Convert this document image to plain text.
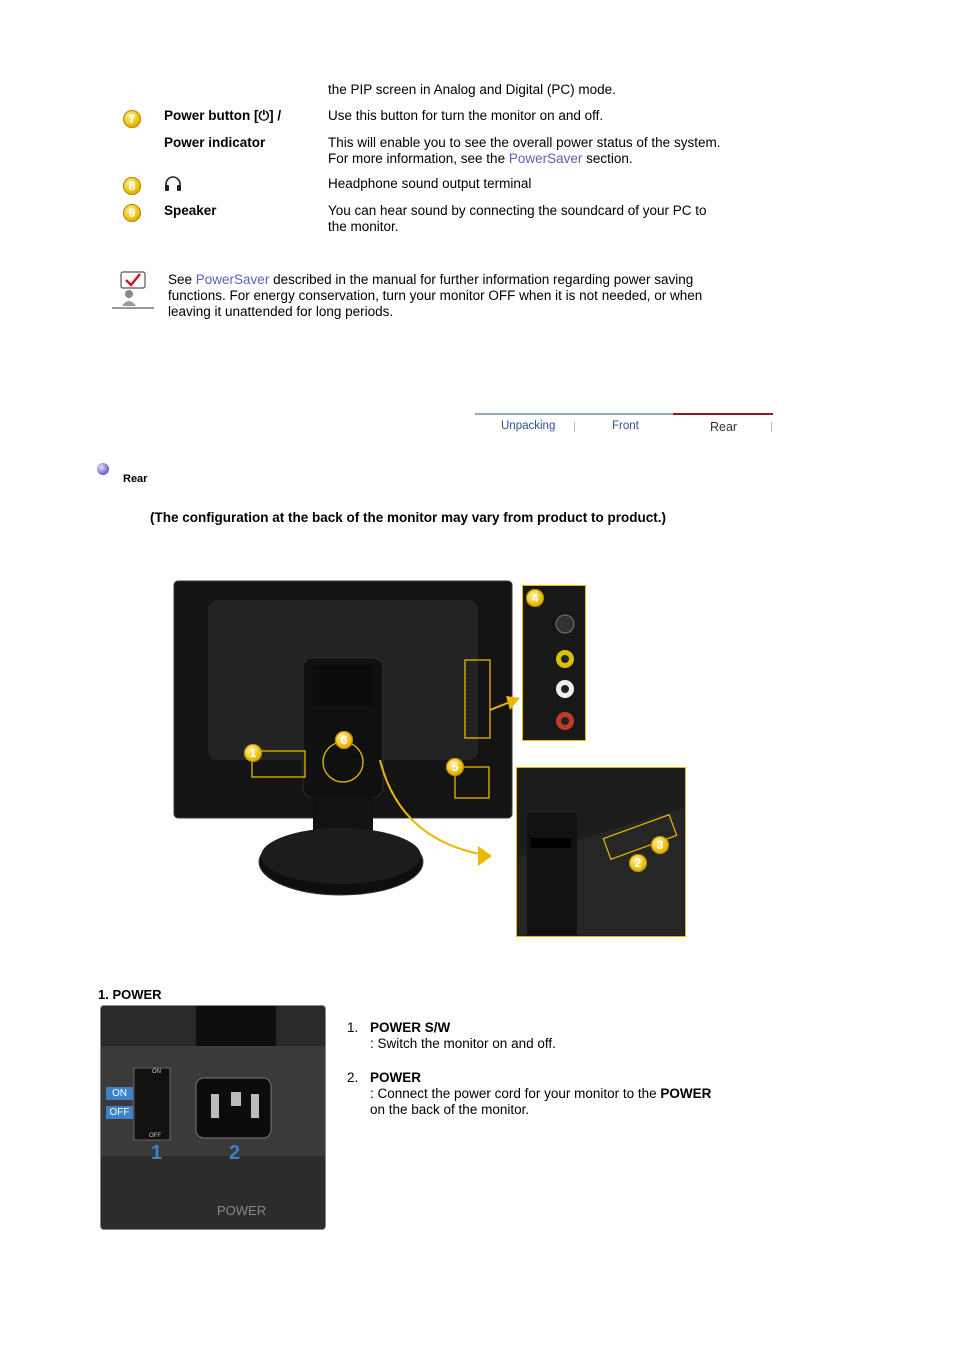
the PIP screen in Analog and Digital (PC) mode.
7	Power button [⏻] /	Use this button for turn the monitor on and off.
Power indicator	This will enable you to see the overall power status of the system.
For more information, see the PowerSaver section.
8	Headphone sound output terminal
9	Speaker	You can hear sound by connecting the soundcard of your PC to
the monitor.
See PowerSaver described in the manual for further information regarding power saving
functions. For energy conservation, turn your monitor OFF when it is not needed, or when
leaving it unattended for long periods.
Unpacking	Front	Rear
Rear
(The configuration at the back of the monitor may vary from product to product.)
1
6
5
4
3
2
1. POWER
ON
OFF
ON
OFF
1	2
POWER
1. POWER S/W
: Switch the monitor on and off.
2. POWER
: Connect the power cord for your monitor to the POWER
on the back of the monitor.
